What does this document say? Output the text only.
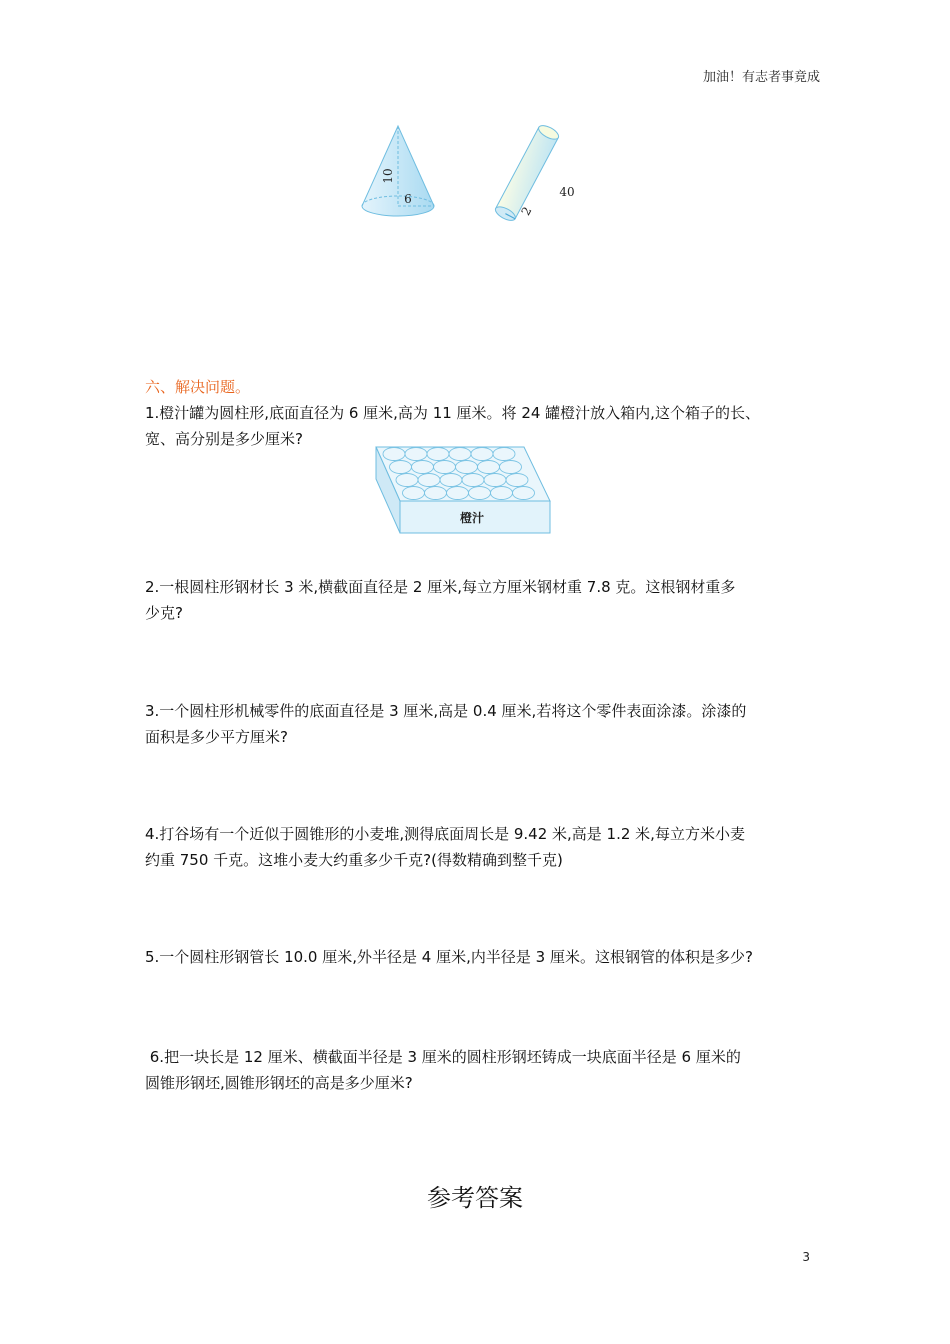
加油！有志者事竟成
10
6
2
40
六、解决问题。

1.橙汁罐为圆柱形,底面直径为 6 厘米,高为 11 厘米。将 24 罐橙汁放入箱内,这个箱子的长、

宽、高分别是多少厘米?

橙汁

2.一根圆柱形钢材长 3 米,横截面直径是 2 厘米,每立方厘米钢材重 7.8 克。这根钢材重多

少克?

3.一个圆柱形机械零件的底面直径是 3 厘米,高是 0.4 厘米,若将这个零件表面涂漆。涂漆的

面积是多少平方厘米?

4.打谷场有一个近似于圆锥形的小麦堆,测得底面周长是 9.42 米,高是 1.2 米,每立方米小麦

约重 750 千克。这堆小麦大约重多少千克?(得数精确到整千克)

5.一个圆柱形钢管长 10.0 厘米,外半径是 4 厘米,内半径是 3 厘米。这根钢管的体积是多少?

6.把一块长是 12 厘米、横截面半径是 3 厘米的圆柱形钢坯铸成一块底面半径是 6 厘米的

圆锥形钢坯,圆锥形钢坯的高是多少厘米?

参考答案
3
